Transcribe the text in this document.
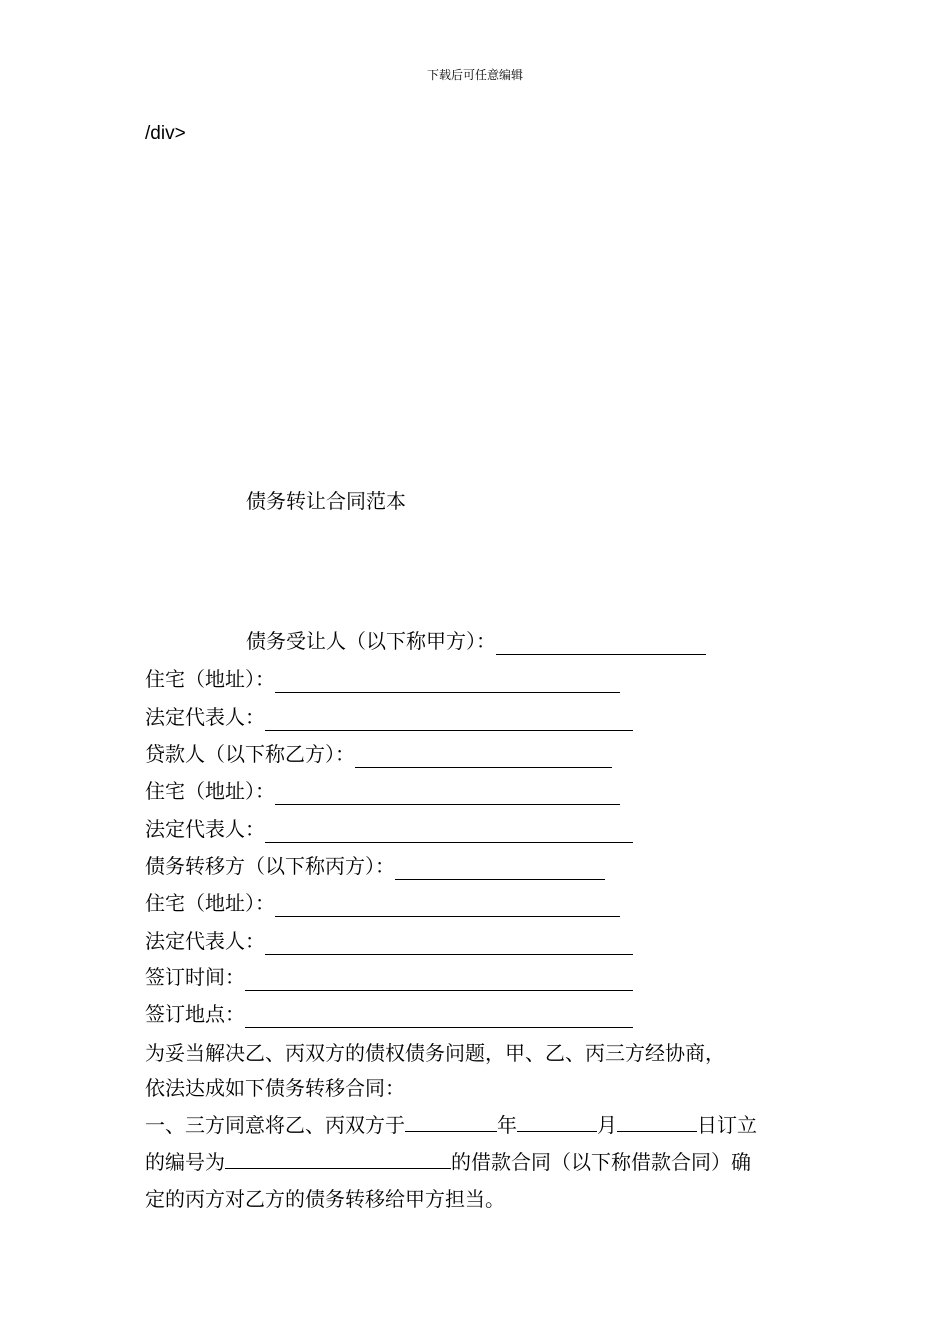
下载后可任意编辑
/div>
债务转让合同范本
债务受让人（以下称甲方）：
住宅（地址）：
法定代表人：
贷款人（以下称乙方）：
住宅（地址）：
法定代表人：
债务转移方（以下称丙方）：
住宅（地址）：
法定代表人：
签订时间：
签订地点：
为妥当解决乙、丙双方的债权债务问题，甲、乙、丙三方经协商，
依法达成如下债务转移合同：
一、三方同意将乙、丙双方于	年	月	日订立
的编号为	的借款合同（以下称借款合同）确
定的丙方对乙方的债务转移给甲方担当。
